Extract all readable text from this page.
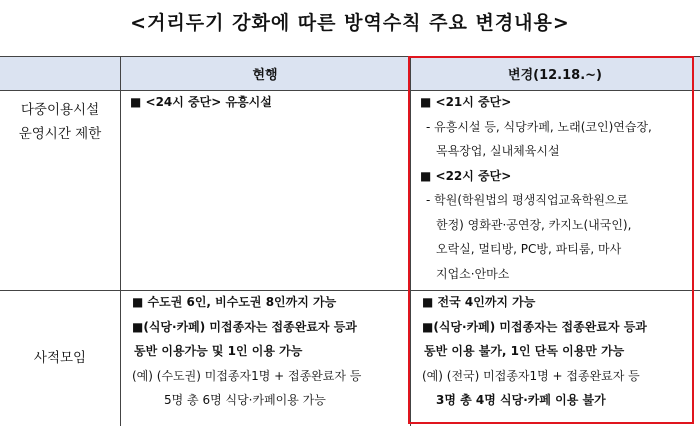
<거리두기 강화에 따른 방역수칙 주요 변경내용>
현행	변경(12.18.~)
다중이용시설
운영시간 제한
■ <24시 중단> 유흥시설	■ <21시 중단>
- 유흥시설 등, 식당카페, 노래(코인)연습장,
목욕장업, 실내체육시설
■ <22시 중단>
- 학원(학원법의 평생직업교육학원으로
한정) 영화관·공연장, 카지노(내국인),
오락실, 멀티방, PC방, 파티룸, 마사
지업소·안마소
사적모임
■ 수도권 6인, 비수도권 8인까지 가능
■(식당·카페) 미접종자는 접종완료자 등과
동반 이용가능 및 1인 이용 가능
(예) (수도권) 미접종자1명 + 접종완료자 등
5명 총 6명 식당·카페이용 가능
■ 전국 4인까지 가능
■(식당·카페) 미접종자는 접종완료자 등과
동반 이용 불가, 1인 단독 이용만 가능
(예) (전국) 미접종자1명 + 접종완료자 등
3명 총 4명 식당·카페 이용 불가
